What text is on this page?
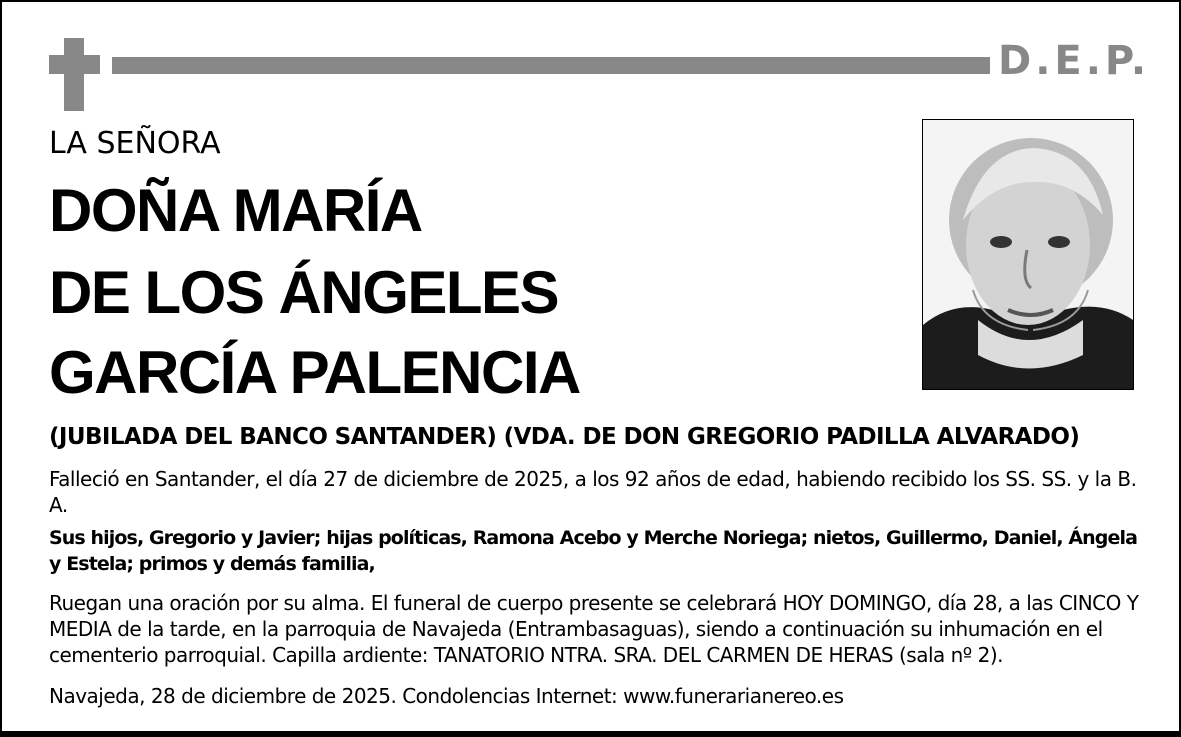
D.E.P.
LA SEÑORA
DOÑA MARÍA
DE LOS ÁNGELES
GARCÍA PALENCIA
(JUBILADA DEL BANCO SANTANDER) (VDA. DE DON GREGORIO PADILLA ALVARADO)
Falleció en Santander, el día 27 de diciembre de 2025, a los 92 años de edad, habiendo recibido los SS. SS. y la B. A.
Sus hijos, Gregorio y Javier; hijas políticas, Ramona Acebo y Merche Noriega; nietos, Guillermo, Daniel, Ángela y Estela; primos y demás familia,
Ruegan una oración por su alma. El funeral de cuerpo presente se celebrará HOY DOMINGO, día 28, a las CINCO Y MEDIA de la tarde, en la parroquia de Navajeda (Entrambasaguas), siendo a continuación su inhumación en el cementerio parroquial. Capilla ardiente: TANATORIO NTRA. SRA. DEL CARMEN DE HERAS (sala nº 2).
Navajeda, 28 de diciembre de 2025. Condolencias Internet: www.funerarianereo.es
